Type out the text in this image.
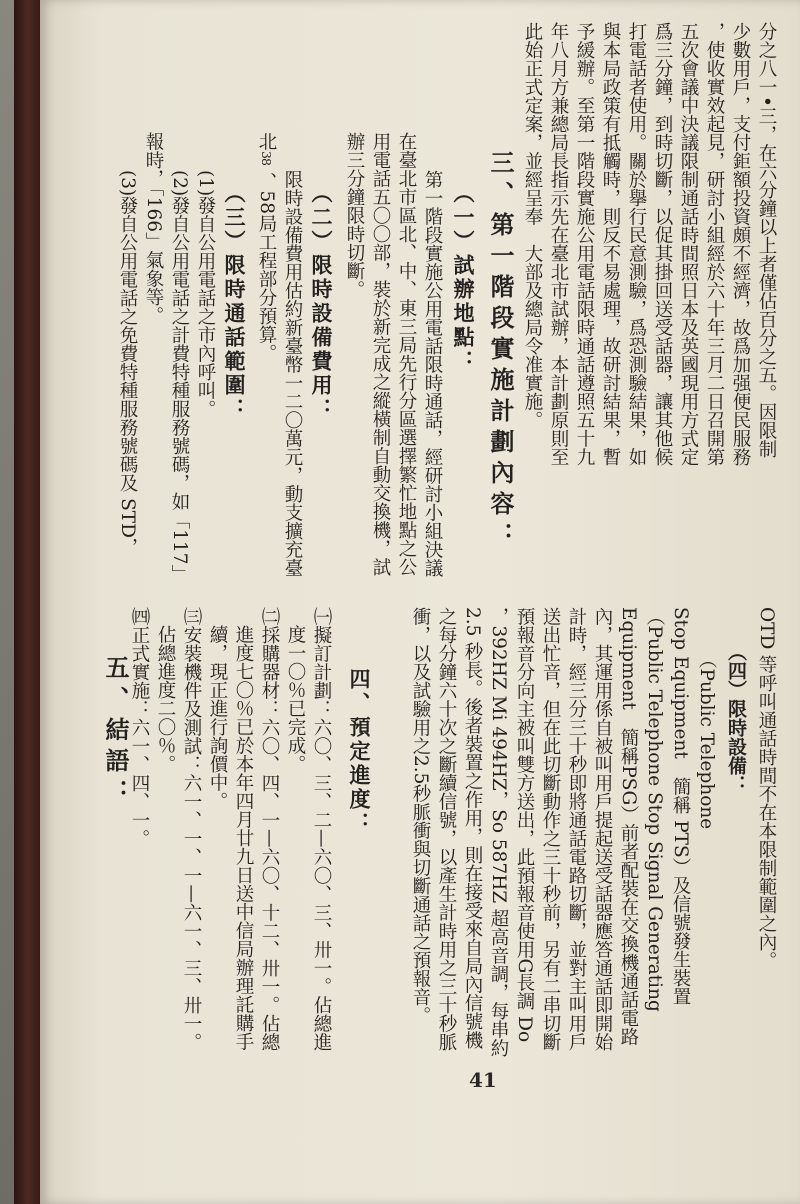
分之八一•三，在六分鐘以上者僅佔百分之五。因限制

少數用戶，支付鉅額投資頗不經濟，故爲加强便民服務

，使收實效起見，研討小組經於六十年三月二日召開第

五次會議中決議限制通話時間照日本及英國現用方式定

爲三分鐘，到時切斷，以促其掛回送受話器，讓其他候

打電話者使用。關於擧行民意測驗，爲恐測驗結果，如

與本局政策有抵觸時，則反不易處理，故研討結果，暫

予緩辦。至第一階段實施公用電話限時通話遵照五十九

年八月方兼總局長指示先在臺北市試辦，本計劃原則至

此始正式定案，並經呈奉　大部及總局令准實施。

三、第一階段實施計劃內容：

（一）試辦地點：

第一階段實施公用電話限時通話，經研討小組決議

在臺北市區北、中、東三局先行分區選擇繁忙地點之公

用電話五〇〇部，裝於新完成之縱橫制自動交換機，試

辦三分鐘限時切斷。

（二）限時設備費用：

限時設備費用估約新臺幣一二〇萬元，動支擴充臺

北

38

、58局工程部分預算。

（三）限時通話範圍：

(1)發自公用電話之市內呼叫。

(2)發自公用電話之計費特種服務號碼，如「117」

報時，「166」氣象等。

(3)發自公用電話之免費特種服務號碼及 STD，

OTD 等呼叫通話時間不在本限制範圍之內。

（四）限時設備：

（Public Telephone

Stop Equipment　簡稱 PTS）及信號發生裝置

（Public Telephone Stop Signal Generating

Equipment　簡稱PSG）前者配裝在交換機通話電路

內，其運用係自被叫用戶提起送受話器應答通話即開始

計時，經三分三十秒即將通話電路切斷，並對主叫用戶

送出忙音，但在此切斷動作之三十秒前，另有二串切斷

預報音分向主被叫雙方送出，此預報音使用G長調 Do

，392HZ Mi 494HZ，So 587HZ 超高音調，每串約

2.5 秒長。後者裝置之作用，則在接受來自局內信號機

之每分鐘六十次之斷續信號，以產生計時用之三十秒脈

衝，以及試驗用之2.5秒脈衝與切斷通話之預報音。

四、預定進度：

㈠擬訂計劃：六〇、三、二—六〇、三、卅一。佔總進

度一〇％已完成。

㈡採購器材：六〇、四、一—六〇、十二、卅一。佔總

進度七〇％已於本年四月廿九日送中信局辦理託購手

續，現正進行詢價中。

㈢安裝機件及測試：六一、一、一—六一、三、卅一。

佔總進度二〇％。

㈣正式實施：六一、四、一。

五、結語：

41
